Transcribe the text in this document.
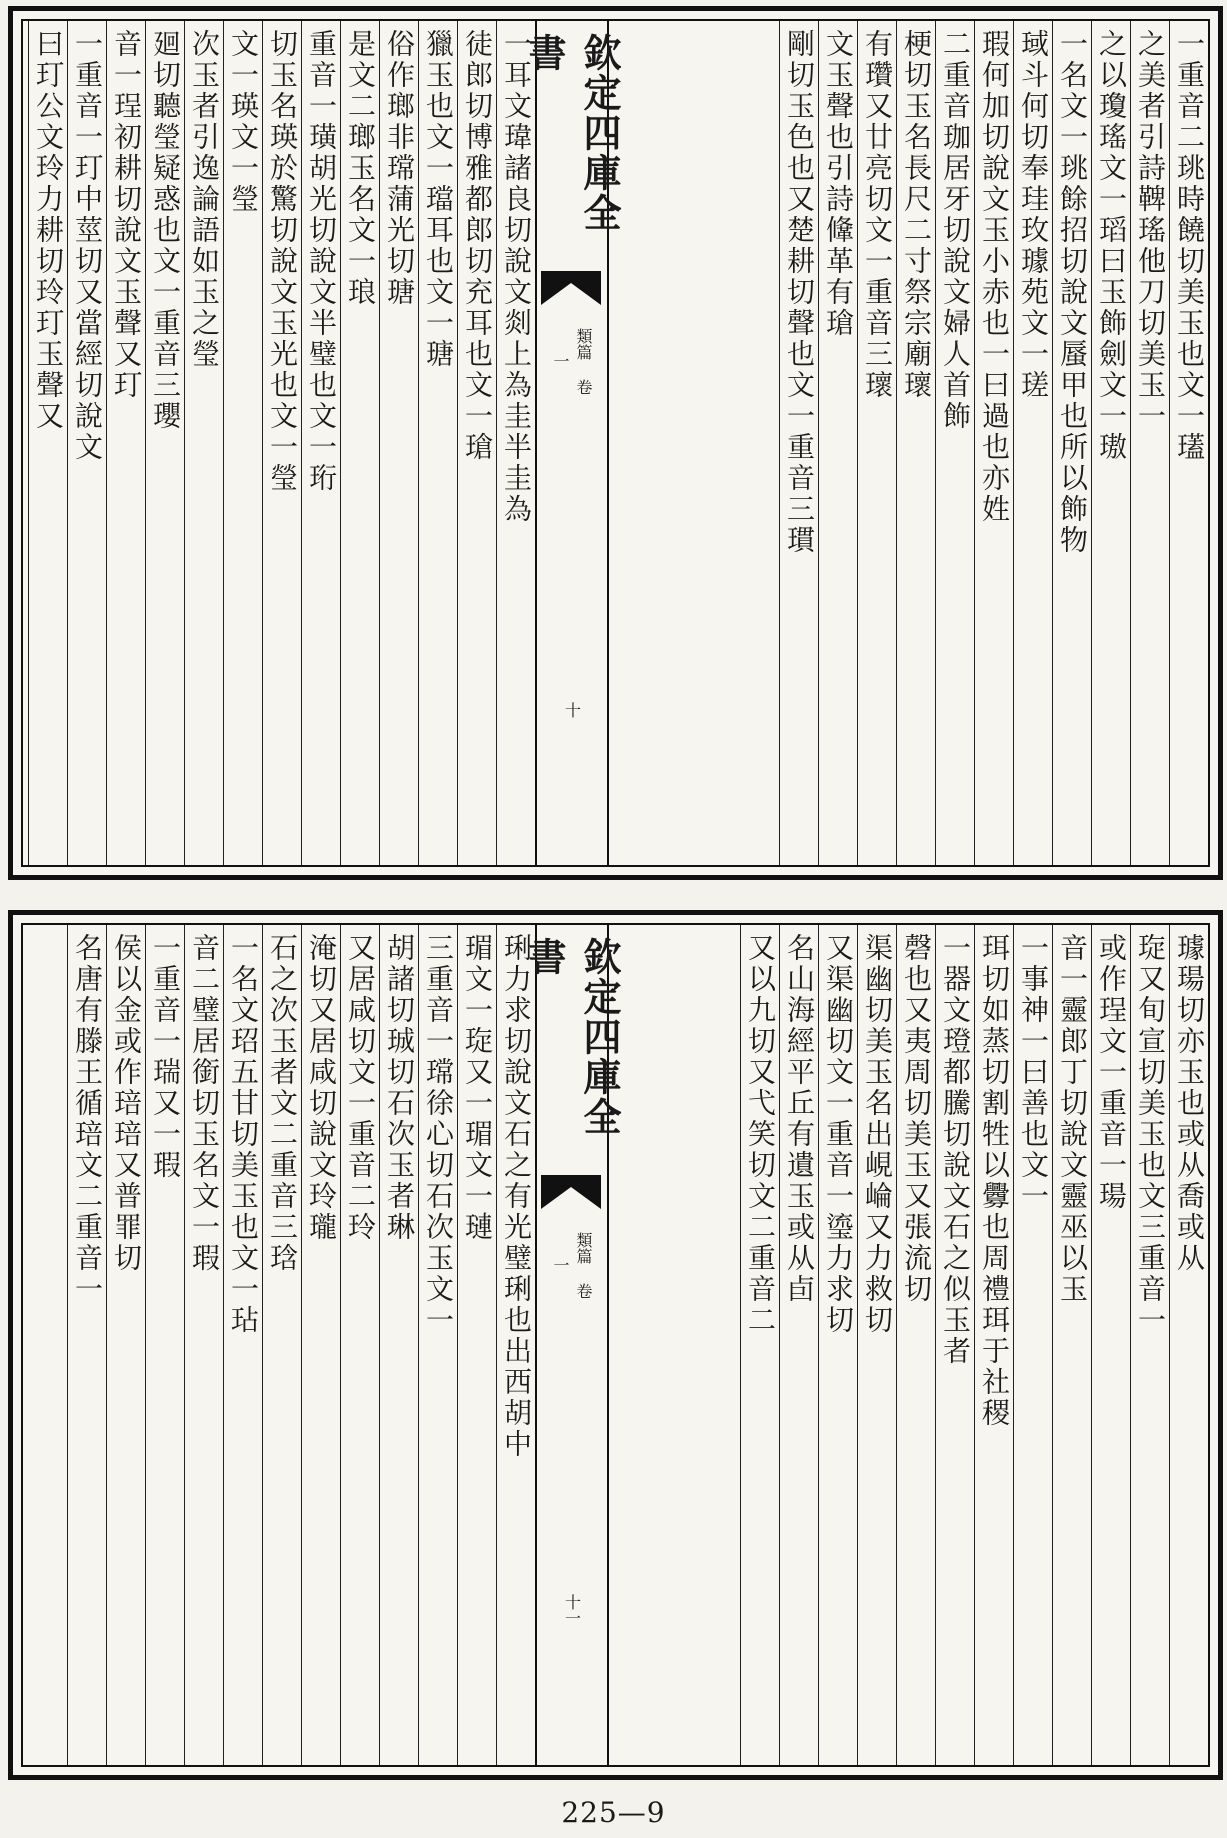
一重音二珧時饒切美玉也文一瓂
之美者引詩鞞瑤他刀切美玉一
之以瓊瑤文一瑫曰玉飾劍文一璈
一名文一珧餘招切說文蜃甲也所以飾物
琙斗何切奉珪玫璩苑文一瑳
瑕何加切說文玉小赤也一曰過也亦姓
二重音珈居牙切說文婦人首飾
梗切玉名長尺二寸祭宗廟瓌
有瓚又廿亮切文一重音三瓌
文玉聲也引詩鞗革有瑲
剛切玉色也又楚耕切聲也文一重音三瑻
欽定四庫全書
類篇 卷一
十
一耳文瑋諸良切說文剡上為圭半圭為
徒郎切博雅都郎切充耳也文一瑲
獵玉也文一璫耳也文一瑭
俗作瑯非瑺蒲光切瑭
是文二瑯玉名文一琅
重音一璜胡光切說文半璧也文一珩
切玉名瑛於驚切說文玉光也文一瑩
文一瑛文一瑩
次玉者引逸論語如玉之瑩
廻切聽瑩疑惑也文一重音三瓔
音一珵初耕切說文玉聲又玎
一重音一玎中莖切又當經切說文
曰玎公文玲力耕切玲玎玉聲又
璩瑒切亦玉也或从喬或从
琁又旬宣切美玉也文三重音一
或作珵文一重音一瑒
音一靈郎丁切說文靈巫以玉
一事神一曰善也文一
珥切如蒸切割牲以釁也周禮珥于社稷
一器文璒都騰切說文石之似玉者
磬也又夷周切美玉又張流切
渠幽切美玉名出峴崘又力救切
又渠幽切文一重音一瑬力求切
名山海經平丘有遺玉或从卣
又以九切又弋笑切文二重音二
欽定四庫全書
類篇 卷一
十一
琍力求切說文石之有光璧琍也出西胡中
瑂文一琁又一瑂文一璉
三重音一瑺徐心切石次玉文一
胡諸切珹切石次玉者琳
又居咸切文一重音二玲
淹切又居咸切說文玲瓏
石之次玉者文二重音三琀
一名文玿五甘切美玉也文一玷
音二璧居銜切玉名文一瑕
一重音一瑞又一瑕
侯以金或作琣琣又普罪切
名唐有滕王循琣文二重音一
225—9
